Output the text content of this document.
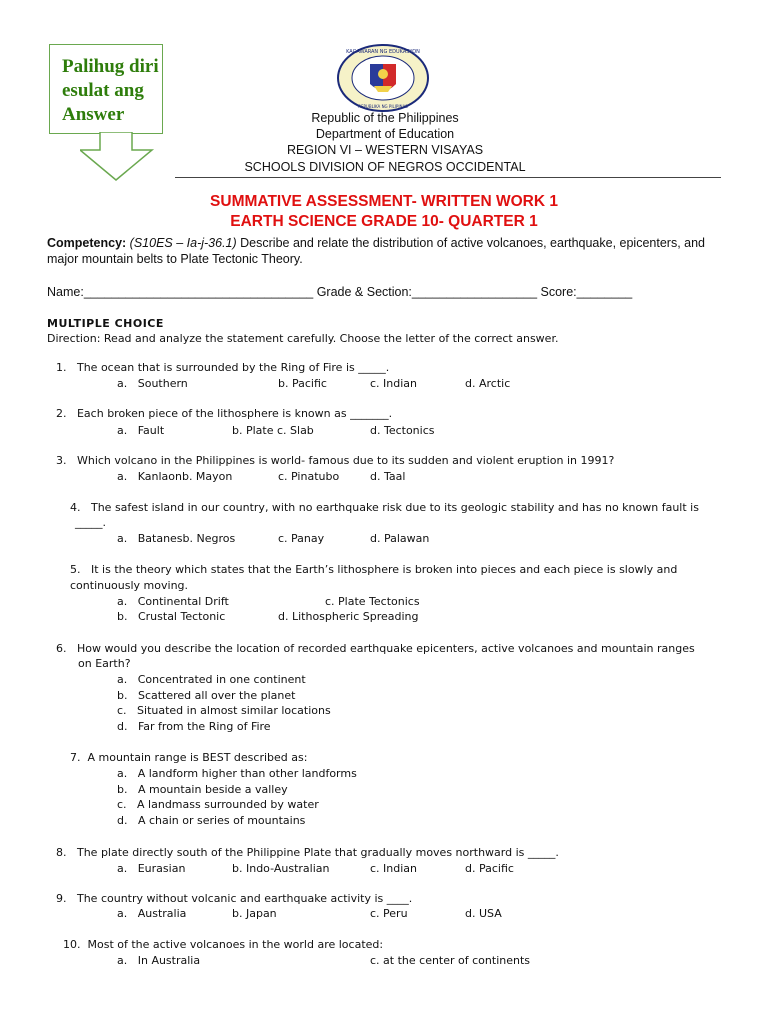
Palihug diri
esulat ang
Answer
KAGAWARAN NG EDUKASYON
REPUBLIKA NG PILIPINAS
Republic of the Philippines
Department of Education
REGION VI – WESTERN VISAYAS
SCHOOLS DIVISION OF NEGROS OCCIDENTAL
SUMMATIVE ASSESSMENT- WRITTEN WORK 1
EARTH SCIENCE GRADE 10- QUARTER 1
Competency: (S10ES – Ia-j-36.1) Describe and relate the distribution of active volcanoes, earthquake, epicenters, and
major mountain belts to Plate Tectonic Theory.
Name:_________________________________ Grade & Section:__________________ Score:________
MULTIPLE CHOICE
Direction: Read and analyze the statement carefully. Choose the letter of the correct answer.
1.   The ocean that is surrounded by the Ring of Fire is _____.
a.   Southern	b. Pacific	c. Indian	d. Arctic
2.   Each broken piece of the lithosphere is known as _______.
a.   Fault	b. Plate c. Slab	d. Tectonics
3.   Which volcano in the Philippines is world- famous due to its sudden and violent eruption in 1991?
a.   Kanlaonb. Mayon	c. Pinatubo	d. Taal
4.   The safest island in our country, with no earthquake risk due to its geologic stability and has no known fault is
_____.
a.   Batanesb. Negros	c. Panay	d. Palawan
5.   It is the theory which states that the Earth’s lithosphere is broken into pieces and each piece is slowly and
continuously moving.
a.   Continental Drift	c. Plate Tectonics
b.   Crustal Tectonic	d. Lithospheric Spreading
6.   How would you describe the location of recorded earthquake epicenters, active volcanoes and mountain ranges
on Earth?
a.   Concentrated in one continent
b.   Scattered all over the planet
c.   Situated in almost similar locations
d.   Far from the Ring of Fire
7.  A mountain range is BEST described as:
a.   A landform higher than other landforms
b.   A mountain beside a valley
c.   A landmass surrounded by water
d.   A chain or series of mountains
8.   The plate directly south of the Philippine Plate that gradually moves northward is _____.
a.   Eurasian	b. Indo-Australian	c. Indian	d. Pacific
9.   The country without volcanic and earthquake activity is ____.
a.   Australia	b. Japan	c. Peru	d. USA
10.  Most of the active volcanoes in the world are located:
a.   In Australia	c. at the center of continents
